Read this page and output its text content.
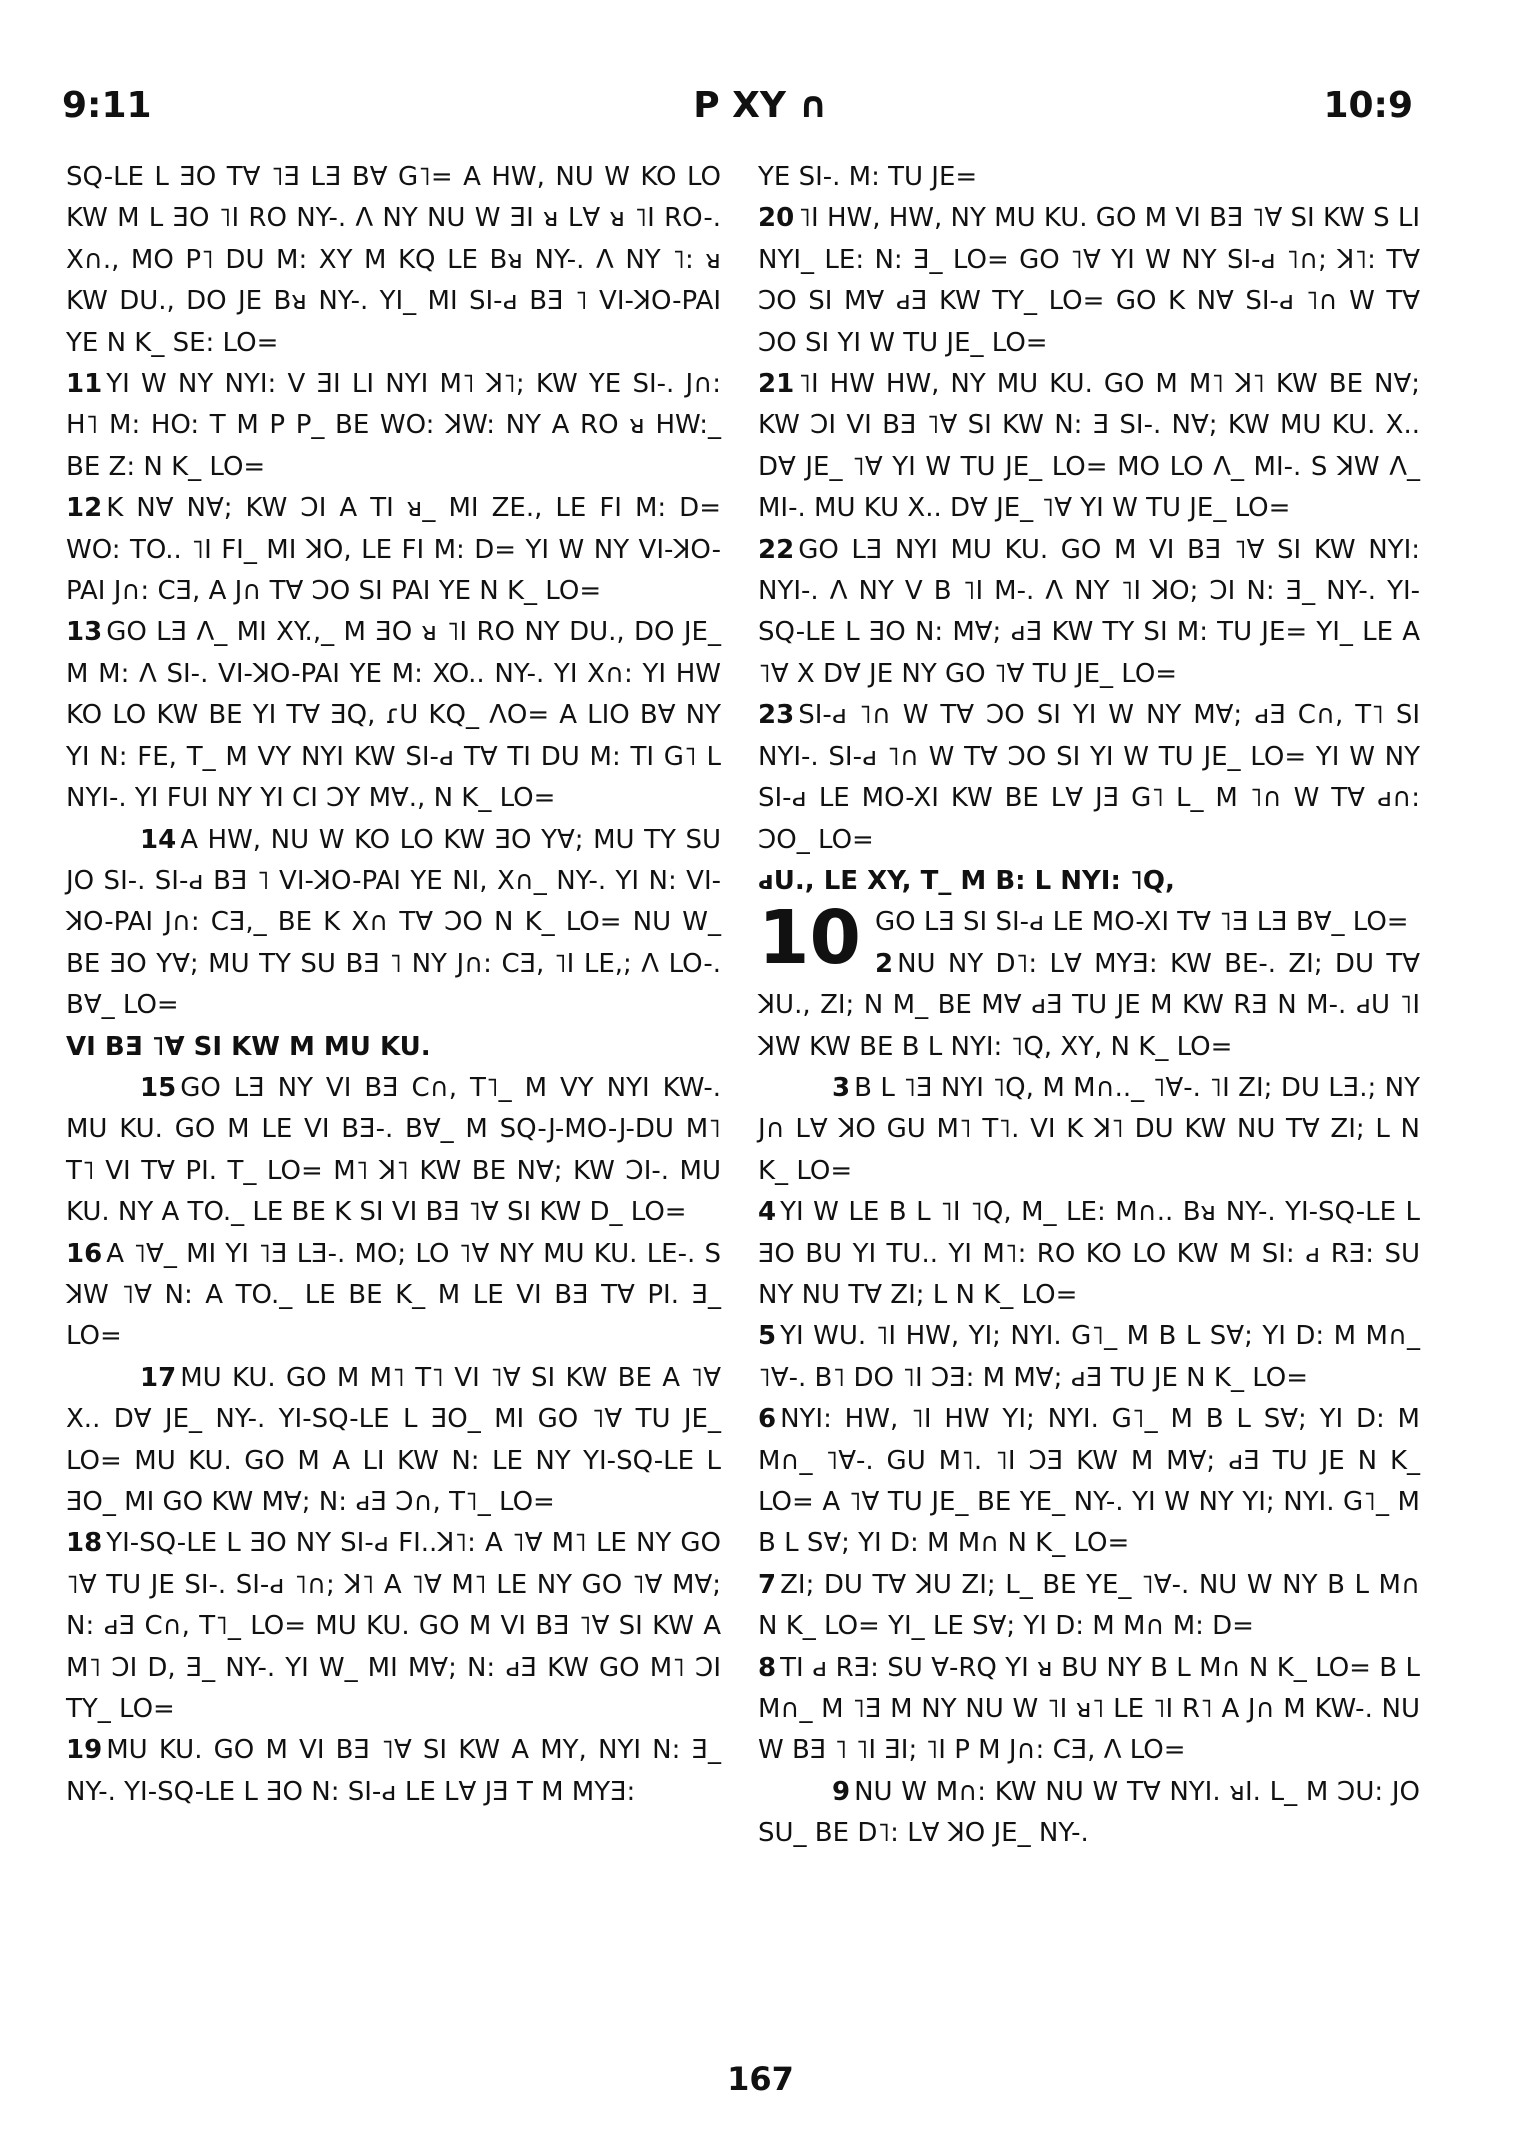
9:11	P XY ∩	10:9

SQ-LE L ƎO T∀ ˥Ǝ LƎ B∀ G˥= A HW, NU W KO LO KW M L ƎO ˥I RO NY-. Λ NY NU W ƎI ᴚ L∀ ᴚ ˥I RO-. X∩., MO P˥ DU M: XY M KQ LE Bᴚ NY-. Λ NY ˥: ᴚ KW DU., DO JE Bᴚ NY-. YI_ MI SI-ԁ BƎ ˥ VI-ꓘO-PAI YE N K_ SE: LO=

11 YI W NY NYI: V ƎI LI NYI M˥ ꓘ˥; KW YE SI-. J∩: H˥ M: HO: T M P P_ BE WO: ꓘW: NY A RO ᴚ HW:_ BE Z: N K_ LO=

12 K N∀ N∀; KW ƆI A TI ᴚ_ MI ZE., LE FI M: D= WO: TO.. ˥I FI_ MI ꓘO, LE FI M: D= YI W NY VI-ꓘO-PAI J∩: CƎ, A J∩ T∀ ƆO SI PAI YE N K_ LO=

13 GO LƎ Λ_ MI XY.,_ M ƎO ᴚ ˥I RO NY DU., DO JE_ M M: Λ SI-. VI-ꓘO-PAI YE M: XO.. NY-. YI X∩: YI HW KO LO KW BE YI T∀ ƎQ, ɾU KQ_ ΛO= A LIO B∀ NY YI N: FE, T_ M VY NYI KW SI-ԁ T∀ TI DU M: TI G˥ L NYI-. YI FUI NY YI CI ƆY M∀., N K_ LO=

14 A HW, NU W KO LO KW ƎO Y∀; MU TY SU JO SI-. SI-ԁ BƎ ˥ VI-ꓘO-PAI YE NI, X∩_ NY-. YI N: VI-ꓘO-PAI J∩: CƎ,_ BE K X∩ T∀ ƆO N K_ LO= NU W_ BE ƎO Y∀; MU TY SU BƎ ˥ NY J∩: CƎ, ˥I LE,; Λ LO-. B∀_ LO=

VI BƎ ˥∀ SI KW M MU KU.

15 GO LƎ NY VI BƎ C∩, T˥_ M VY NYI KW-. MU KU. GO M LE VI BƎ-. B∀_ M SQ-J-MO-J-DU M˥ T˥ VI T∀ PI. T_ LO= M˥ ꓘ˥ KW BE N∀; KW ƆI-. MU KU. NY A TO._ LE BE K SI VI BƎ ˥∀ SI KW D_ LO=

16 A ˥∀_ MI YI ˥Ǝ LƎ-. MO; LO ˥∀ NY MU KU. LE-. S ꓘW ˥∀ N: A TO._ LE BE K_ M LE VI BƎ T∀ PI. Ǝ_ LO=

17 MU KU. GO M M˥ T˥ VI ˥∀ SI KW BE A ˥∀ X.. D∀ JE_ NY-. YI-SQ-LE L ƎO_ MI GO ˥∀ TU JE_ LO= MU KU. GO M A LI KW N: LE NY YI-SQ-LE L ƎO_ MI GO KW M∀; N: ԁƎ Ɔ∩, T˥_ LO=

18 YI-SQ-LE L ƎO NY SI-ԁ FI..ꓘ˥: A ˥∀ M˥ LE NY GO ˥∀ TU JE SI-. SI-ԁ ˥∩; ꓘ˥ A ˥∀ M˥ LE NY GO ˥∀ M∀; N: ԁƎ C∩, T˥_ LO= MU KU. GO M VI BƎ ˥∀ SI KW A M˥ ƆI D, Ǝ_ NY-. YI W_ MI M∀; N: ԁƎ KW GO M˥ ƆI TY_ LO=

19 MU KU. GO M VI BƎ ˥∀ SI KW A MY, NYI N: Ǝ_ NY-. YI-SQ-LE L ƎO N: SI-ԁ LE L∀ JƎ T M MYƎ:

YE SI-. M: TU JE=

20 ˥I HW, HW, NY MU KU. GO M VI BƎ ˥∀ SI KW S LI NYI_ LE: N: Ǝ_ LO= GO ˥∀ YI W NY SI-ԁ ˥∩; ꓘ˥: T∀ ƆO SI M∀ ԁƎ KW TY_ LO= GO K N∀ SI-ԁ ˥∩ W T∀ ƆO SI YI W TU JE_ LO=

21 ˥I HW HW, NY MU KU. GO M M˥ ꓘ˥ KW BE N∀; KW ƆI VI BƎ ˥∀ SI KW N: Ǝ SI-. N∀; KW MU KU. X.. D∀ JE_ ˥∀ YI W TU JE_ LO= MO LO Λ_ MI-. S ꓘW Λ_ MI-. MU KU X.. D∀ JE_ ˥∀ YI W TU JE_ LO=

22 GO LƎ NYI MU KU. GO M VI BƎ ˥∀ SI KW NYI: NYI-. Λ NY V B ˥I M-. Λ NY ˥I ꓘO; ƆI N: Ǝ_ NY-. YI-SQ-LE L ƎO N: M∀; ԁƎ KW TY SI M: TU JE= YI_ LE A ˥∀ X D∀ JE NY GO ˥∀ TU JE_ LO=

23 SI-ԁ ˥∩ W T∀ ƆO SI YI W NY M∀; ԁƎ C∩, T˥ SI NYI-. SI-ԁ ˥∩ W T∀ ƆO SI YI W TU JE_ LO= YI W NY SI-ԁ LE MO-XI KW BE L∀ JƎ G˥ L_ M ˥∩ W T∀ ԁ∩: ƆO_ LO=

ԁU., LE XY, T_ M B: L NYI: ˥Q,

10 GO LƎ SI SI-ԁ LE MO-XI T∀ ˥Ǝ LƎ B∀_ LO=

2 NU NY D˥: L∀ MYƎ: KW BE-. ZI; DU T∀ ꓘU., ZI; N M_ BE M∀ ԁƎ TU JE M KW RƎ N M-. ԁU ˥I ꓘW KW BE B L NYI: ˥Q, XY, N K_ LO=

3 B L ˥Ǝ NYI ˥Q, M M∩.._ ˥∀-. ˥I ZI; DU LƎ.; NY J∩ L∀ ꓘO GU M˥ T˥. VI K ꓘ˥ DU KW NU T∀ ZI; L N K_ LO=

4 YI W LE B L ˥I ˥Q, M_ LE: M∩.. Bᴚ NY-. YI-SQ-LE L ƎO BU YI TU.. YI M˥: RO KO LO KW M SI: ԁ RƎ: SU NY NU T∀ ZI; L N K_ LO=

5 YI WU. ˥I HW, YI; NYI. G˥_ M B L S∀; YI D: M M∩_ ˥∀-. B˥ DO ˥I ƆƎ: M M∀; ԁƎ TU JE N K_ LO=

6 NYI: HW, ˥I HW YI; NYI. G˥_ M B L S∀; YI D: M M∩_ ˥∀-. GU M˥. ˥I ƆƎ KW M M∀; ԁƎ TU JE N K_ LO= A ˥∀ TU JE_ BE YE_ NY-. YI W NY YI; NYI. G˥_ M B L S∀; YI D: M M∩ N K_ LO=

7 ZI; DU T∀ ꓘU ZI; L_ BE YE_ ˥∀-. NU W NY B L M∩ N K_ LO= YI_ LE S∀; YI D: M M∩ M: D=

8 TI ԁ RƎ: SU ∀-RQ YI ᴚ BU NY B L M∩ N K_ LO= B L M∩_ M ˥Ǝ M NY NU W ˥I ᴚ˥ LE ˥I R˥ A J∩ M KW-. NU W BƎ ˥ ˥I ƎI; ˥I P M J∩: CƎ, Λ LO=

9 NU W M∩: KW NU W T∀ NYI. ᴚI. L_ M ƆU: JO SU_ BE D˥: L∀ ꓘO JE_ NY-.

167
